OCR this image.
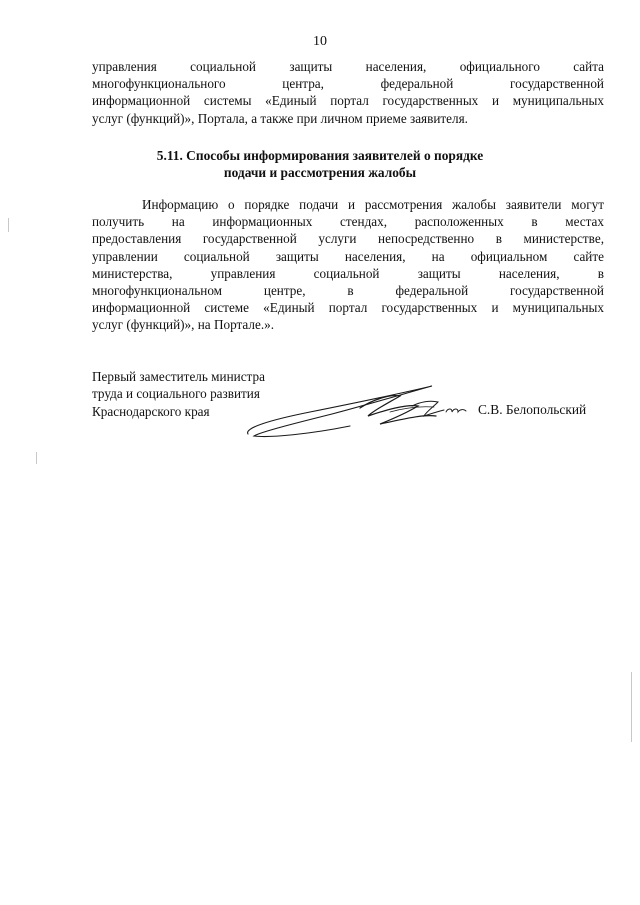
10
управления социальной защиты населения, официального сайта
многофункционального центра, федеральной государственной
информационной системы «Единый портал государственных и муниципальных
услуг (функций)», Портала, а также при личном приеме заявителя.
5.11. Способы информирования заявителей о порядке
подачи и рассмотрения жалобы
Информацию о порядке подачи и рассмотрения жалобы заявители могут
получить на информационных стендах, расположенных в местах
предоставления государственной услуги непосредственно в министерстве,
управлении социальной защиты населения, на официальном сайте
министерства, управления социальной защиты населения, в
многофункциональном центре, в федеральной государственной
информационной системе «Единый портал государственных и муниципальных
услуг (функций)», на Портале.».
Первый заместитель министра
труда и социального развития
Краснодарского края	С.В. Белопольский
